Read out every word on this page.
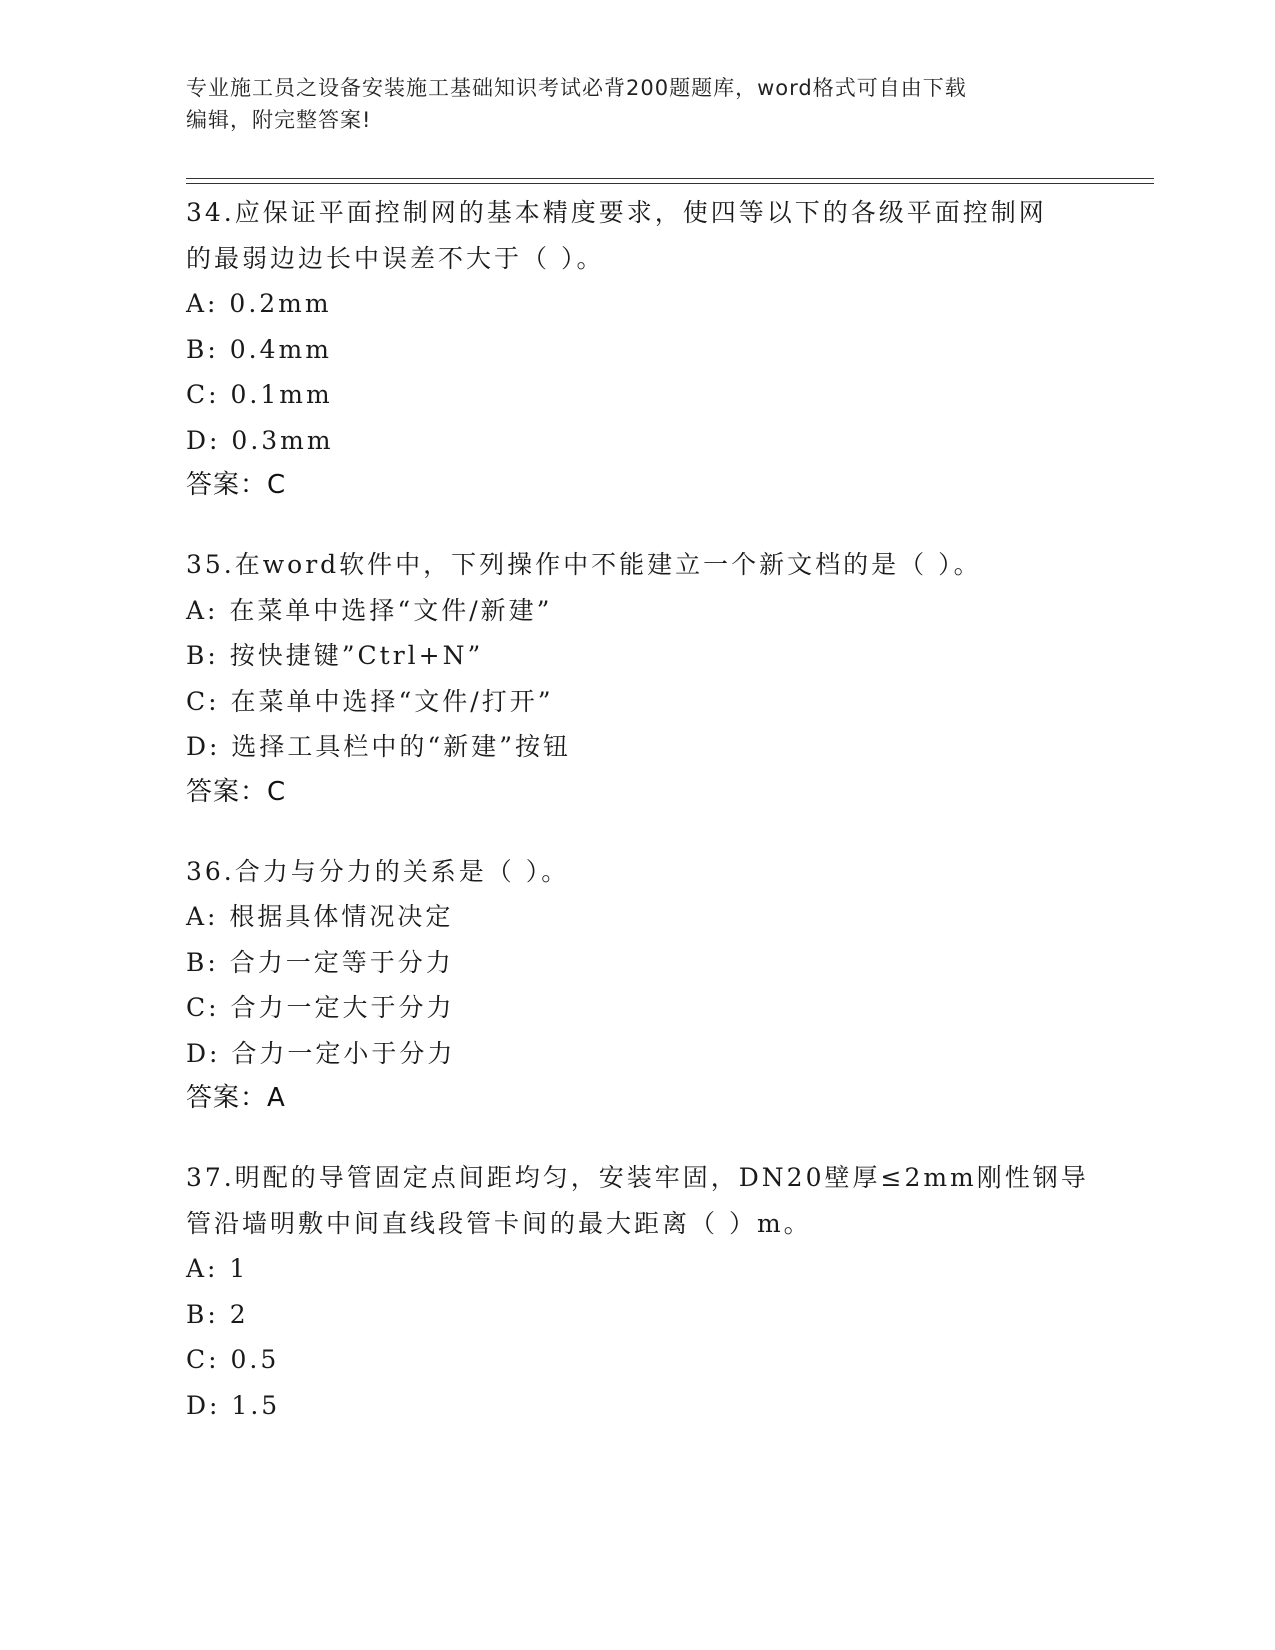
专业施工员之设备安装施工基础知识考试必背200题题库，word格式可自由下载
编辑，附完整答案!
34.应保证平面控制网的基本精度要求，使四等以下的各级平面控制网
的最弱边边长中误差不大于（ ）。
A: 0.2mm
B: 0.4mm
C: 0.1mm
D: 0.3mm
答案：C
35.在word软件中，下列操作中不能建立一个新文档的是（ ）。
A: 在菜单中选择“文件/新建”
B: 按快捷键”Ctrl+N”
C: 在菜单中选择“文件/打开”
D: 选择工具栏中的“新建”按钮
答案：C
36.合力与分力的关系是（ ）。
A: 根据具体情况决定
B: 合力一定等于分力
C: 合力一定大于分力
D: 合力一定小于分力
答案：A
37.明配的导管固定点间距均匀，安装牢固，DN20壁厚≤2mm刚性钢导
管沿墙明敷中间直线段管卡间的最大距离（ ）m。
A: 1
B: 2
C: 0.5
D: 1.5
